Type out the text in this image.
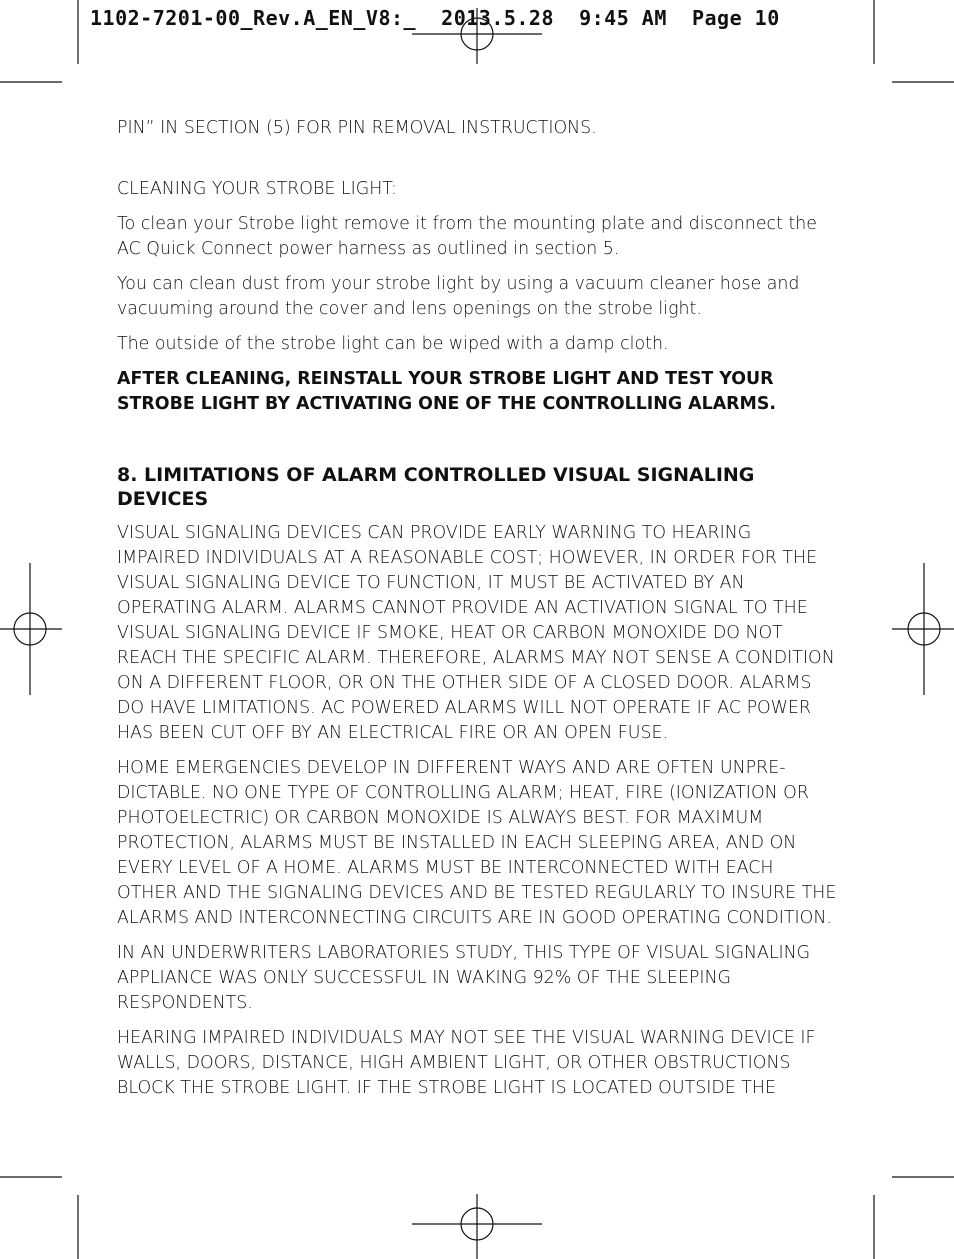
1102-7201-00_Rev.A_EN_V8:_  2013.5.28  9:45 AM  Page 10

PIN” IN SECTION (5) FOR PIN REMOVAL INSTRUCTIONS.

CLEANING YOUR STROBE LIGHT:

To clean your Strobe light remove it from the mounting plate and disconnect the AC Quick Connect power harness as outlined in section 5.

You can clean dust from your strobe light by using a vacuum cleaner hose and vacuuming around the cover and lens openings on the strobe light.

The outside of the strobe light can be wiped with a damp cloth.

AFTER CLEANING, REINSTALL YOUR STROBE LIGHT AND TEST YOUR STROBE LIGHT BY ACTIVATING ONE OF THE CONTROLLING ALARMS.

8. LIMITATIONS OF ALARM CONTROLLED VISUAL SIGNALING DEVICES

VISUAL SIGNALING DEVICES CAN PROVIDE EARLY WARNING TO HEARING IMPAIRED INDIVIDUALS AT A REASONABLE COST; HOWEVER, IN ORDER FOR THE VISUAL SIGNALING DEVICE TO FUNCTION, IT MUST BE ACTIVATED BY AN OPERATING ALARM. ALARMS CANNOT PROVIDE AN ACTIVATION SIGNAL TO THE VISUAL SIGNALING DEVICE IF SMOKE, HEAT OR CARBON MONOXIDE DO NOT REACH THE SPECIFIC ALARM. THEREFORE, ALARMS MAY NOT SENSE A CONDITION ON A DIFFERENT FLOOR, OR ON THE OTHER SIDE OF A CLOSED DOOR. ALARMS DO HAVE LIMITATIONS. AC POWERED ALARMS WILL NOT OPERATE IF AC POWER HAS BEEN CUT OFF BY AN ELECTRICAL FIRE OR AN OPEN FUSE.

HOME EMERGENCIES DEVELOP IN DIFFERENT WAYS AND ARE OFTEN UNPRE-DICTABLE. NO ONE TYPE OF CONTROLLING ALARM; HEAT, FIRE (IONIZATION OR PHOTOELECTRIC) OR CARBON MONOXIDE IS ALWAYS BEST. FOR MAXIMUM PROTECTION, ALARMS MUST BE INSTALLED IN EACH SLEEPING AREA, AND ON EVERY LEVEL OF A HOME. ALARMS MUST BE INTERCONNECTED WITH EACH OTHER AND THE SIGNALING DEVICES AND BE TESTED REGULARLY TO INSURE THE ALARMS AND INTERCONNECTING CIRCUITS ARE IN GOOD OPERATING CONDITION.

IN AN UNDERWRITERS LABORATORIES STUDY, THIS TYPE OF VISUAL SIGNALING APPLIANCE WAS ONLY SUCCESSFUL IN WAKING 92% OF THE SLEEPING RESPONDENTS.

HEARING IMPAIRED INDIVIDUALS MAY NOT SEE THE VISUAL WARNING DEVICE IF WALLS, DOORS, DISTANCE, HIGH AMBIENT LIGHT, OR OTHER OBSTRUCTIONS BLOCK THE STROBE LIGHT. IF THE STROBE LIGHT IS LOCATED OUTSIDE THE
